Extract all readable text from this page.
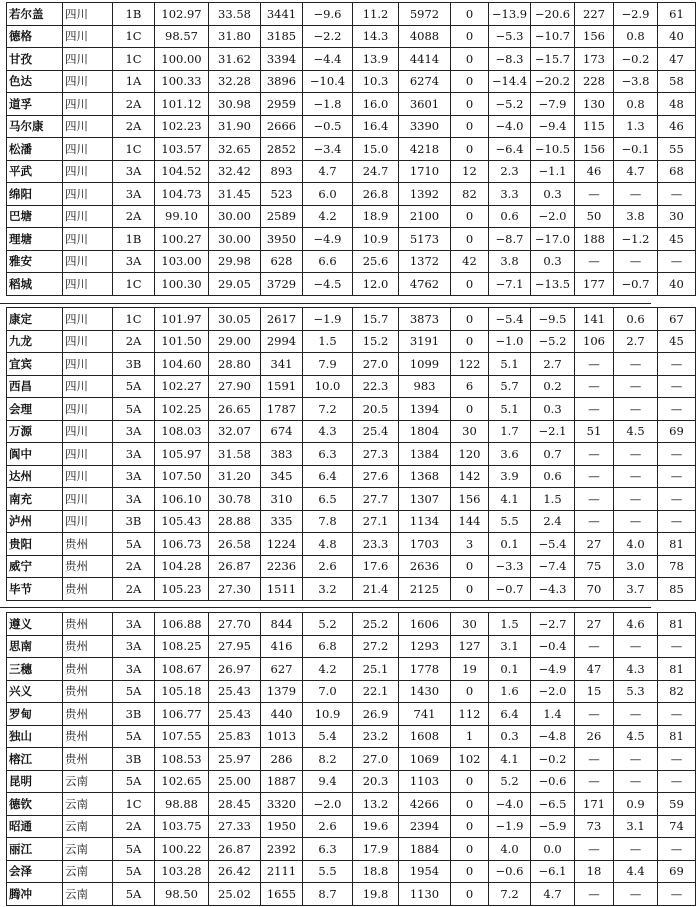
若尔盖	四川	1B	102.97	33.58	3441	−9.6	11.2	5972	0	−13.9	−20.6	227	−2.9	61
德格	四川	1C	98.57	31.80	3185	−2.2	14.3	4088	0	−5.3	−10.7	156	0.8	40
甘孜	四川	1C	100.00	31.62	3394	−4.4	13.9	4414	0	−8.3	−15.7	173	−0.2	47
色达	四川	1A	100.33	32.28	3896	−10.4	10.3	6274	0	−14.4	−20.2	228	−3.8	58
道孚	四川	2A	101.12	30.98	2959	−1.8	16.0	3601	0	−5.2	−7.9	130	0.8	48
马尔康	四川	2A	102.23	31.90	2666	−0.5	16.4	3390	0	−4.0	−9.4	115	1.3	46
松潘	四川	1C	103.57	32.65	2852	−3.4	15.0	4218	0	−6.4	−10.5	156	−0.1	55
平武	四川	3A	104.52	32.42	893	4.7	24.7	1710	12	2.3	−1.1	46	4.7	68
绵阳	四川	3A	104.73	31.45	523	6.0	26.8	1392	82	3.3	0.3	—	—	—
巴塘	四川	2A	99.10	30.00	2589	4.2	18.9	2100	0	0.6	−2.0	50	3.8	30
理塘	四川	1B	100.27	30.00	3950	−4.9	10.9	5173	0	−8.7	−17.0	188	−1.2	45
雅安	四川	3A	103.00	29.98	628	6.6	25.6	1372	42	3.8	0.3	—	—	—
稻城	四川	1C	100.30	29.05	3729	−4.5	12.0	4762	0	−7.1	−13.5	177	−0.7	40
康定	四川	1C	101.97	30.05	2617	−1.9	15.7	3873	0	−5.4	−9.5	141	0.6	67
九龙	四川	2A	101.50	29.00	2994	1.5	15.2	3191	0	−1.0	−5.2	106	2.7	45
宜宾	四川	3B	104.60	28.80	341	7.9	27.0	1099	122	5.1	2.7	—	—	—
西昌	四川	5A	102.27	27.90	1591	10.0	22.3	983	6	5.7	0.2	—	—	—
会理	四川	5A	102.25	26.65	1787	7.2	20.5	1394	0	5.1	0.3	—	—	—
万源	四川	3A	108.03	32.07	674	4.3	25.4	1804	30	1.7	−2.1	51	4.5	69
阆中	四川	3A	105.97	31.58	383	6.3	27.3	1384	120	3.6	0.7	—	—	—
达州	四川	3A	107.50	31.20	345	6.4	27.6	1368	142	3.9	0.6	—	—	—
南充	四川	3A	106.10	30.78	310	6.5	27.7	1307	156	4.1	1.5	—	—	—
泸州	四川	3B	105.43	28.88	335	7.8	27.1	1134	144	5.5	2.4	—	—	—
贵阳	贵州	5A	106.73	26.58	1224	4.8	23.3	1703	3	0.1	−5.4	27	4.0	81
威宁	贵州	2A	104.28	26.87	2236	2.6	17.6	2636	0	−3.3	−7.4	75	3.0	78
毕节	贵州	2A	105.23	27.30	1511	3.2	21.4	2125	0	−0.7	−4.3	70	3.7	85
遵义	贵州	3A	106.88	27.70	844	5.2	25.2	1606	30	1.5	−2.7	27	4.6	81
思南	贵州	3A	108.25	27.95	416	6.8	27.2	1293	127	3.1	−0.4	—	—	—
三穗	贵州	3A	108.67	26.97	627	4.2	25.1	1778	19	0.1	−4.9	47	4.3	81
兴义	贵州	5A	105.18	25.43	1379	7.0	22.1	1430	0	1.6	−2.0	15	5.3	82
罗甸	贵州	3B	106.77	25.43	440	10.9	26.9	741	112	6.4	1.4	—	—	—
独山	贵州	5A	107.55	25.83	1013	5.4	23.2	1608	1	0.3	−4.8	26	4.5	81
榕江	贵州	3B	108.53	25.97	286	8.2	27.0	1069	102	4.1	−0.2	—	—	—
昆明	云南	5A	102.65	25.00	1887	9.4	20.3	1103	0	5.2	−0.6	—	—	—
德钦	云南	1C	98.88	28.45	3320	−2.0	13.2	4266	0	−4.0	−6.5	171	0.9	59
昭通	云南	2A	103.75	27.33	1950	2.6	19.6	2394	0	−1.9	−5.9	73	3.1	74
丽江	云南	5A	100.22	26.87	2392	6.3	17.9	1884	0	4.0	0.0	—	—	—
会泽	云南	5A	103.28	26.42	2111	5.5	18.8	1954	0	−0.6	−6.1	18	4.4	69
腾冲	云南	5A	98.50	25.02	1655	8.7	19.8	1130	0	7.2	4.7	—	—	—
